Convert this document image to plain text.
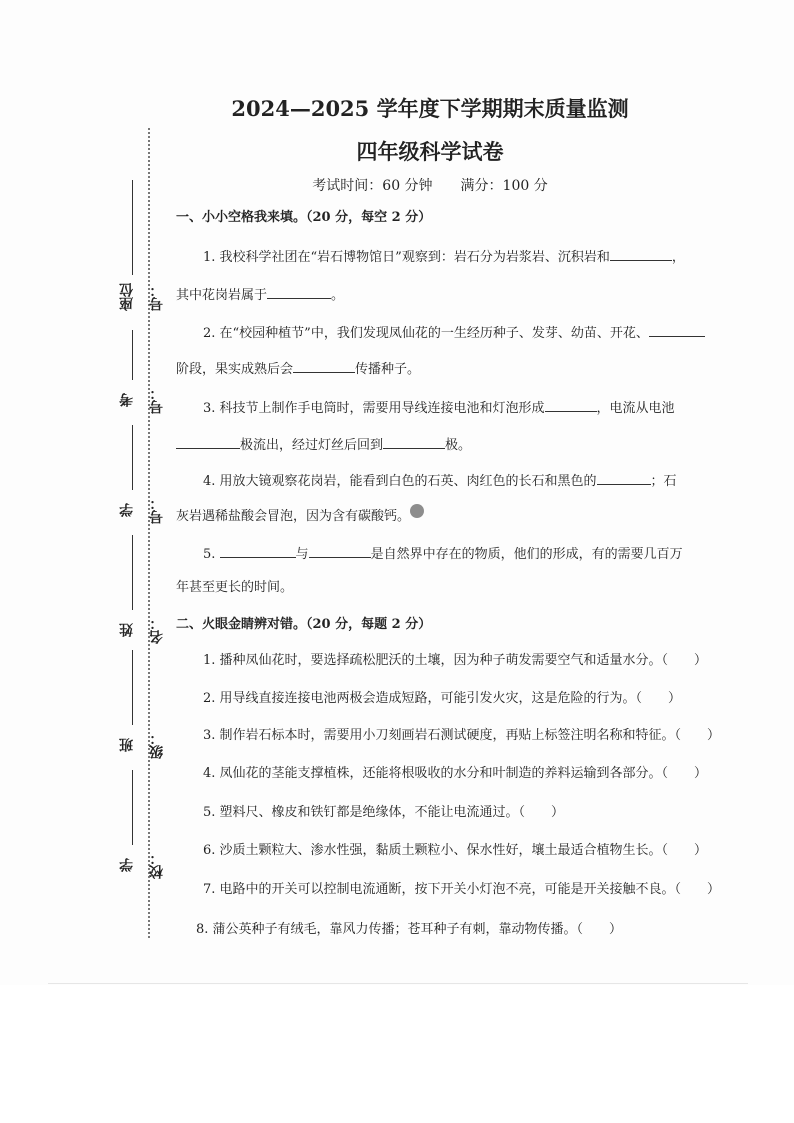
座位号：
考号：
学号：
姓名：
班级：
学校：
2024—2025 学年度下学期期末质量监测
四年级科学试卷
考试时间：60 分钟　　满分：100 分
一、小小空格我来填。（20 分，每空 2 分）
1. 我校科学社团在“岩石博物馆日”观察到：岩石分为岩浆岩、沉积岩和	，
其中花岗岩属于	。
2. 在“校园种植节”中，我们发现凤仙花的一生经历种子、发芽、幼苗、开花、
阶段，果实成熟后会	传播种子。
3. 科技节上制作手电筒时，需要用导线连接电池和灯泡形成	，电流从电池
极流出，经过灯丝后回到	极。
4. 用放大镜观察花岗岩，能看到白色的石英、肉红色的长石和黑色的	；石
灰岩遇稀盐酸会冒泡，因为含有碳酸钙。
5.	与	是自然界中存在的物质，他们的形成，有的需要几百万
年甚至更长的时间。
二、火眼金睛辨对错。（20 分，每题 2 分）
1. 播种凤仙花时，要选择疏松肥沃的土壤，因为种子萌发需要空气和适量水分。（　　）
2. 用导线直接连接电池两极会造成短路，可能引发火灾，这是危险的行为。（　　）
3. 制作岩石标本时，需要用小刀刻画岩石测试硬度，再贴上标签注明名称和特征。（　　）
4. 凤仙花的茎能支撑植株，还能将根吸收的水分和叶制造的养料运输到各部分。（　　）
5. 塑料尺、橡皮和铁钉都是绝缘体，不能让电流通过。（　　）
6. 沙质土颗粒大、渗水性强，黏质土颗粒小、保水性好，壤土最适合植物生长。（　　）
7. 电路中的开关可以控制电流通断，按下开关小灯泡不亮，可能是开关接触不良。（　　）
8. 蒲公英种子有绒毛，靠风力传播；苍耳种子有刺，靠动物传播。（　　）
